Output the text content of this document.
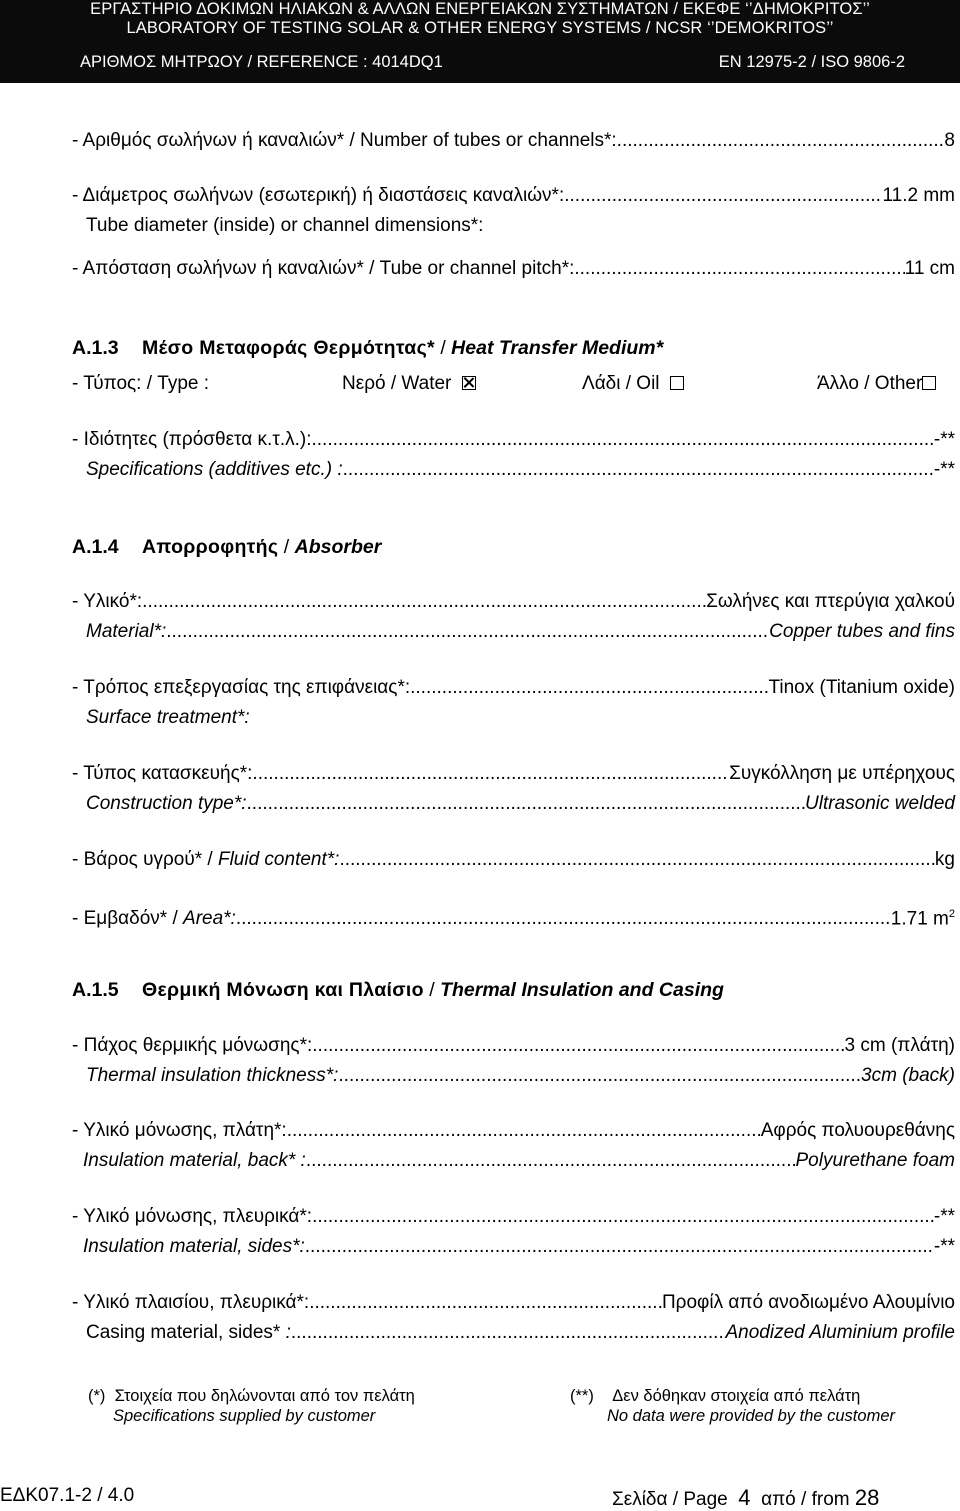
ΕΡΓΑΣΤΗΡΙΟ ΔΟΚΙΜΩΝ ΗΛΙΑΚΩΝ & ΑΛΛΩΝ ΕΝΕΡΓΕΙΑΚΩΝ ΣΥΣΤΗΜΑΤΩΝ / ΕΚΕΦΕ ‘’ΔΗΜΟΚΡΙΤΟΣ’’
LABORATORY OF TESTING SOLAR & OTHER ENERGY SYSTEMS / NCSR ‘’DEMOKRITOS’’
ΑΡΙΘΜΟΣ ΜΗΤΡΩΟΥ / REFERENCE : 4014DQ1	EN 12975-2 / ISO 9806-2
- Αριθμός σωλήνων ή καναλιών* / Number of tubes or channels*: .....	8
- Διάμετρος σωλήνων (εσωτερική) ή διαστάσεις καναλιών*: .....	11.2 mm
Tube diameter (inside) or channel dimensions*:
- Απόσταση σωλήνων ή καναλιών* / Tube or channel pitch*: .....	11 cm
A.1.3 Μέσο Μεταφοράς Θερμότητας* / Heat Transfer Medium*
- Τύπος: / Type :	Νερό / Water	Λάδι / Oil	Άλλο / Other
- Ιδιότητες (πρόσθετα κ.τ.λ.): .....	-**
Specifications (additives etc.) : .....	-**
A.1.4 Απορροφητής / Absorber
- Υλικό*: .....	Σωλήνες και πτερύγια χαλκού
Material*: .....	Copper tubes and fins
- Τρόπος επεξεργασίας της επιφάνειας*: .....	Tinox (Titanium oxide)
Surface treatment*:
- Τύπος κατασκευής*: .....	Συγκόλληση με υπέρηχους
Construction type*: .....	Ultrasonic welded
- Βάρος υγρού* / Fluid content*: .....	kg
- Εμβαδόν* / Area*: .....	1.71 $m^2$
A.1.5 Θερμική Μόνωση και Πλαίσιο / Thermal Insulation and Casing
- Πάχος θερμικής μόνωσης*: .....	3 cm (πλάτη)
Thermal insulation thickness*: .....	3cm (back)
- Υλικό μόνωσης, πλάτη*: .....	Αφρός πολυουρεθάνης
Insulation material, back* : .....	Polyurethane foam
- Υλικό μόνωσης, πλευρικά*: .....	-**
Insulation material, sides*: .....	-**
- Υλικό πλαισίου, πλευρικά*: .....	Προφίλ από ανοδιωμένο Αλουμίνιο
Casing material, sides* : .....	Anodized Aluminium profile
(*) Στοιχεία που δηλώνονται από τον πελάτη
Specifications supplied by customer
(**) Δεν δόθηκαν στοιχεία από πελάτη
No data were provided by the customer
ΕΔΚ07.1-2 / 4.0	Σελίδα / Page 4 από / from 28
